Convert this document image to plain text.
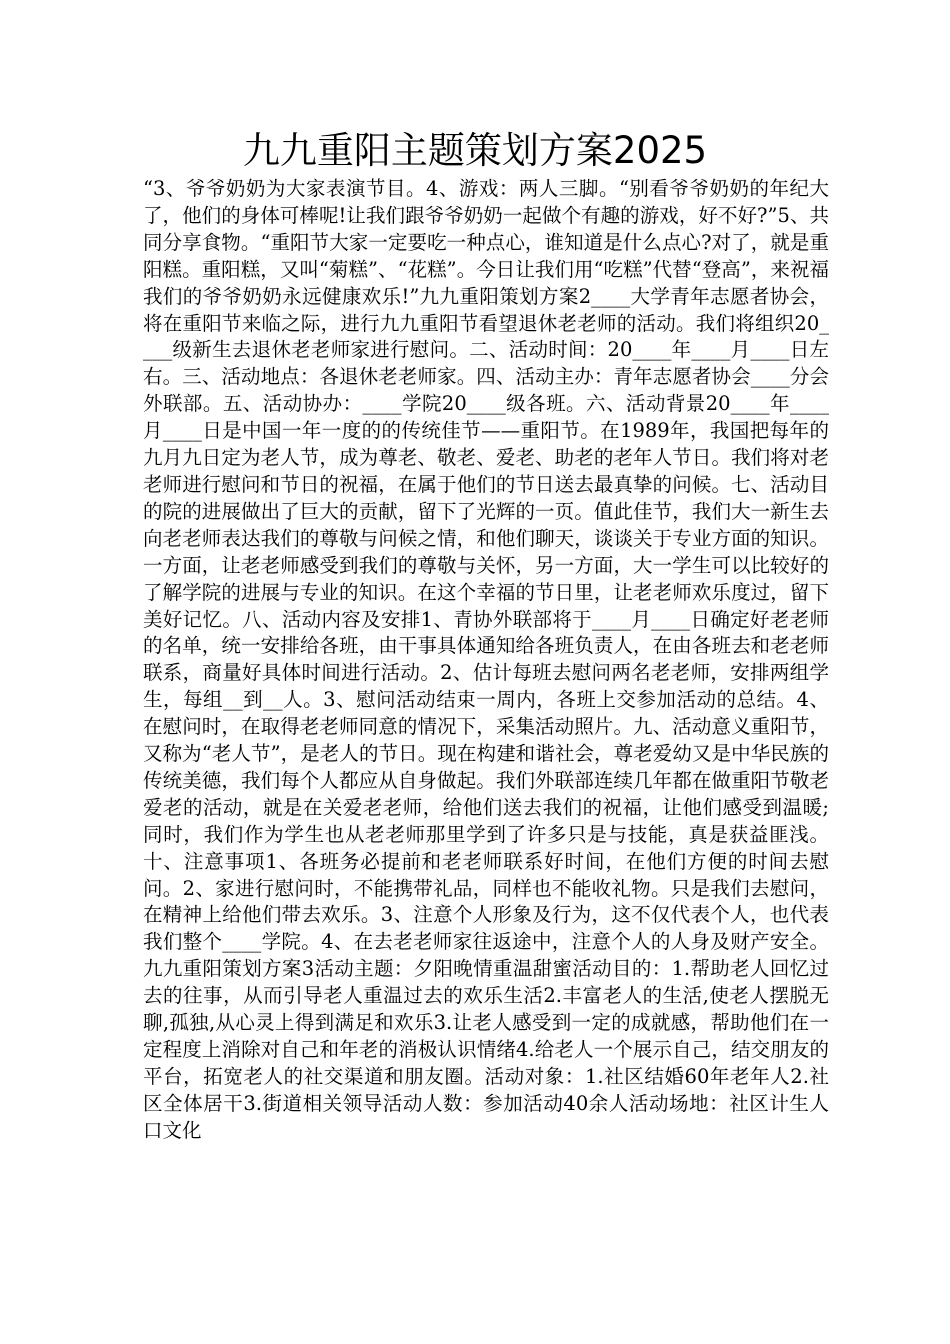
九九重阳主题策划方案2025

“3、爷爷奶奶为大家表演节目。4、游戏：两人三脚。“别看爷爷奶奶的年纪大了，他们的身体可棒呢!让我们跟爷爷奶奶一起做个有趣的游戏，好不好?”5、共同分享食物。“重阳节大家一定要吃一种点心，谁知道是什么点心?对了，就是重阳糕。重阳糕，又叫“菊糕”、“花糕”。今日让我们用“吃糕”代替“登高”，来祝福我们的爷爷奶奶永远健康欢乐!”九九重阳策划方案2____大学青年志愿者协会，将在重阳节来临之际，进行九九重阳节看望退休老老师的活动。我们将组织20____级新生去退休老老师家进行慰问。二、活动时间：20____年____月____日左右。三、活动地点：各退休老老师家。四、活动主办：青年志愿者协会____分会外联部。五、活动协办：____学院20____级各班。六、活动背景20____年____月____日是中国一年一度的的传统佳节——重阳节。在1989年，我国把每年的九月九日定为老人节，成为尊老、敬老、爱老、助老的老年人节日。我们将对老老师进行慰问和节日的祝福，在属于他们的节日送去最真挚的问候。七、活动目的院的进展做出了巨大的贡献，留下了光辉的一页。值此佳节，我们大一新生去向老老师表达我们的尊敬与问候之情，和他们聊天，谈谈关于专业方面的知识。一方面，让老老师感受到我们的尊敬与关怀，另一方面，大一学生可以比较好的了解学院的进展与专业的知识。在这个幸福的节日里，让老老师欢乐度过，留下美好记忆。八、活动内容及安排1、青协外联部将于____月____日确定好老老师的名单，统一安排给各班，由干事具体通知给各班负责人，在由各班去和老老师联系，商量好具体时间进行活动。2、估计每班去慰问两名老老师，安排两组学生，每组__到__人。3、慰问活动结束一周内，各班上交参加活动的总结。4、在慰问时，在取得老老师同意的情况下，采集活动照片。九、活动意义重阳节，又称为“老人节”，是老人的节日。现在构建和谐社会，尊老爱幼又是中华民族的传统美德，我们每个人都应从自身做起。我们外联部连续几年都在做重阳节敬老爱老的活动，就是在关爱老老师，给他们送去我们的祝福，让他们感受到温暖;同时，我们作为学生也从老老师那里学到了许多只是与技能，真是获益匪浅。十、注意事项1、各班务必提前和老老师联系好时间，在他们方便的时间去慰问。2、家进行慰问时，不能携带礼品，同样也不能收礼物。只是我们去慰问，在精神上给他们带去欢乐。3、注意个人形象及行为，这不仅代表个人，也代表我们整个____学院。4、在去老老师家往返途中，注意个人的人身及财产安全。九九重阳策划方案3活动主题：夕阳晚情重温甜蜜活动目的：1.帮助老人回忆过去的往事，从而引导老人重温过去的欢乐生活2.丰富老人的生活,使老人摆脱无聊,孤独,从心灵上得到满足和欢乐3.让老人感受到一定的成就感，帮助他们在一定程度上消除对自己和年老的消极认识情绪4.给老人一个展示自己，结交朋友的平台，拓宽老人的社交渠道和朋友圈。活动对象：1.社区结婚60年老年人2.社区全体居干3.街道相关领导活动人数：参加活动40余人活动场地：社区计生人口文化
